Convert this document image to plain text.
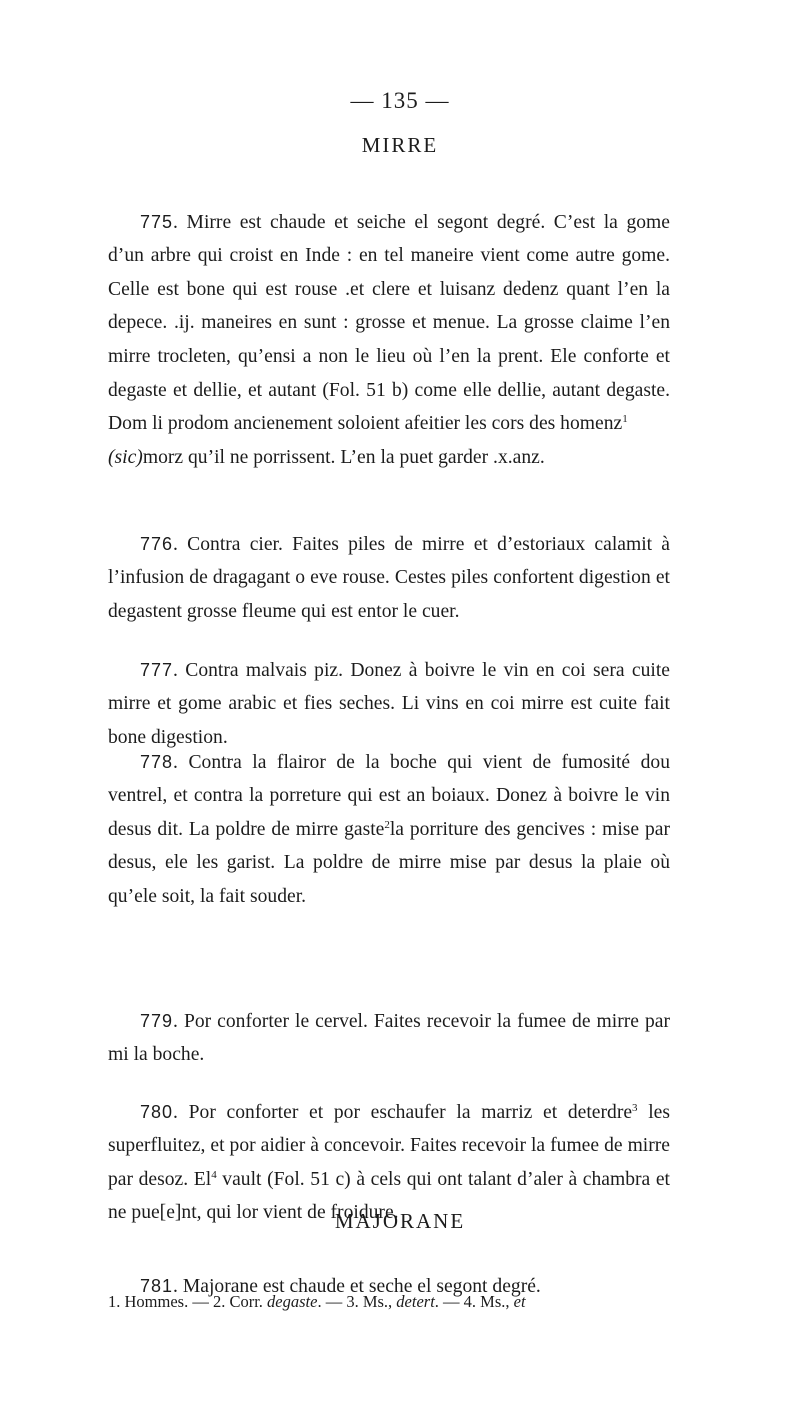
— 135 —
MIRRE

775. Mirre est chaude et seiche el segont degré. C’est la gome d’un arbre qui croist en Inde : en tel maneire vient come autre gome. Celle est bone qui est rouse .et clere et luisanz dedenz quant l’en la depece. .ij. maneires en sunt : grosse et menue. La grosse claime l’en mirre trocleten, qu’ensi a non le lieu où l’en la prent. Ele conforte et degaste et dellie, et autant (Fol. 51 b) come elle dellie, autant degaste. Dom li prodom ancienement soloient afeitier les cors des homenz$^1$
(sic)morz qu’il ne porrissent. L’en la puet garder .x.anz.

776. Contra cier. Faites piles de mirre et d’estoriaux calamit à l’infusion de dragagant o eve rouse. Cestes piles confortent digestion et degastent grosse fleume qui est entor le cuer.

777. Contra malvais piz. Donez à boivre le vin en coi sera cuite mirre et gome arabic et fies seches. Li vins en coi mirre est cuite fait bone digestion.

778. Contra la flairor de la boche qui vient de fumosité dou ventrel, et contra la porreture qui est an boiaux. Donez à boivre le vin desus dit. La poldre de mirre gaste$^2$la porriture des gencives : mise par desus, ele les garist. La poldre de mirre mise par desus la plaie où qu’ele soit, la fait souder.

779. Por conforter le cervel. Faites recevoir la fumee de mirre par mi la boche.

780. Por conforter et por eschaufer la marriz et deterdre$^3$ les superfluitez, et por aidier à concevoir. Faites recevoir la fumee de mirre par desoz. El$^4$ vault (Fol. 51 c) à cels qui ont talant d’aler à chambra et ne pue[e]nt, qui lor vient de froidure.

MAJORANE

781. Majorane est chaude et seche el segont degré.

1. Hommes. — 2. Corr. degaste. — 3. Ms., detert. — 4. Ms., et
